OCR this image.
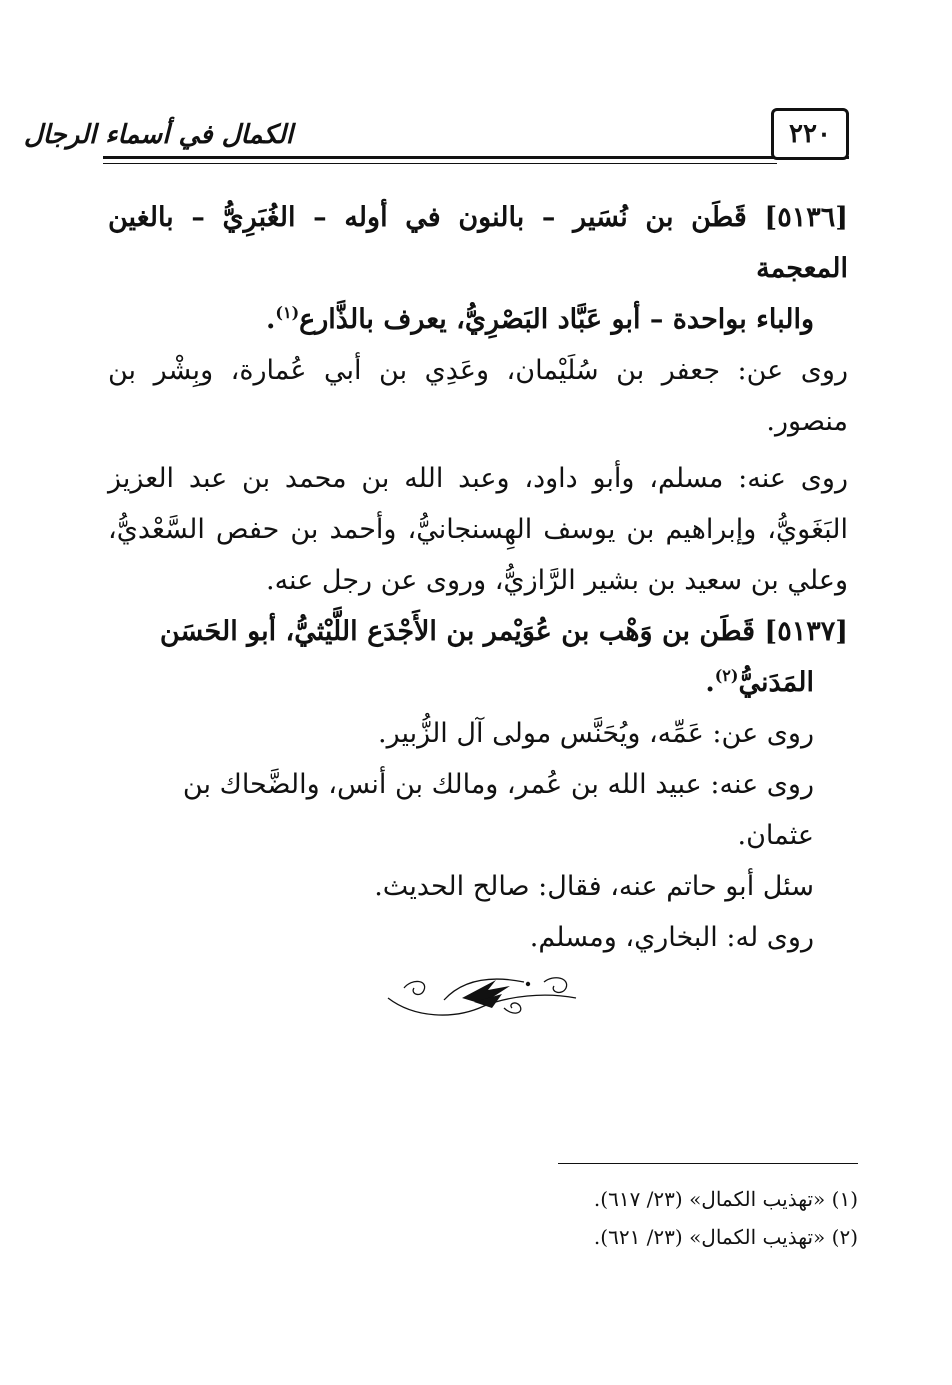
الكمال في أسماء الرجال	٢٢٠

[٥١٣٦] قَطَن بن نُسَير – بالنون في أوله – الغُبَرِيُّ – بالغين المعجمة

والباء بواحدة – أبو عَبَّاد البَصْرِيُّ، يعرف بالذَّارع$^{(١)}$.

روى عن: جعفر بن سُلَيْمان، وعَدِي بن أبي عُمارة، وبِشْر بن منصور.

روى عنه: مسلم، وأبو داود، وعبد الله بن محمد بن عبد العزيز البَغَويُّ، وإبراهيم بن يوسف الهِسنجانيُّ، وأحمد بن حفص السَّعْديُّ، وعلي بن سعيد بن بشير الرَّازيُّ، وروى عن رجل عنه.

[٥١٣٧] قَطَن بن وَهْب بن عُوَيْمر بن الأَجْدَع اللَّيْثيُّ، أبو الحَسَن

المَدَنيُّ$^{(٢)}$.

روى عن: عَمِّه، ويُحَنَّس مولى آل الزُّبير.

روى عنه: عبيد الله بن عُمر، ومالك بن أنس، والضَّحاك بن عثمان.

سئل أبو حاتم عنه، فقال: صالح الحديث.

روى له: البخاري، ومسلم.

(١) «تهذيب الكمال» (٢٣/ ٦١٧).

(٢) «تهذيب الكمال» (٢٣/ ٦٢١).
